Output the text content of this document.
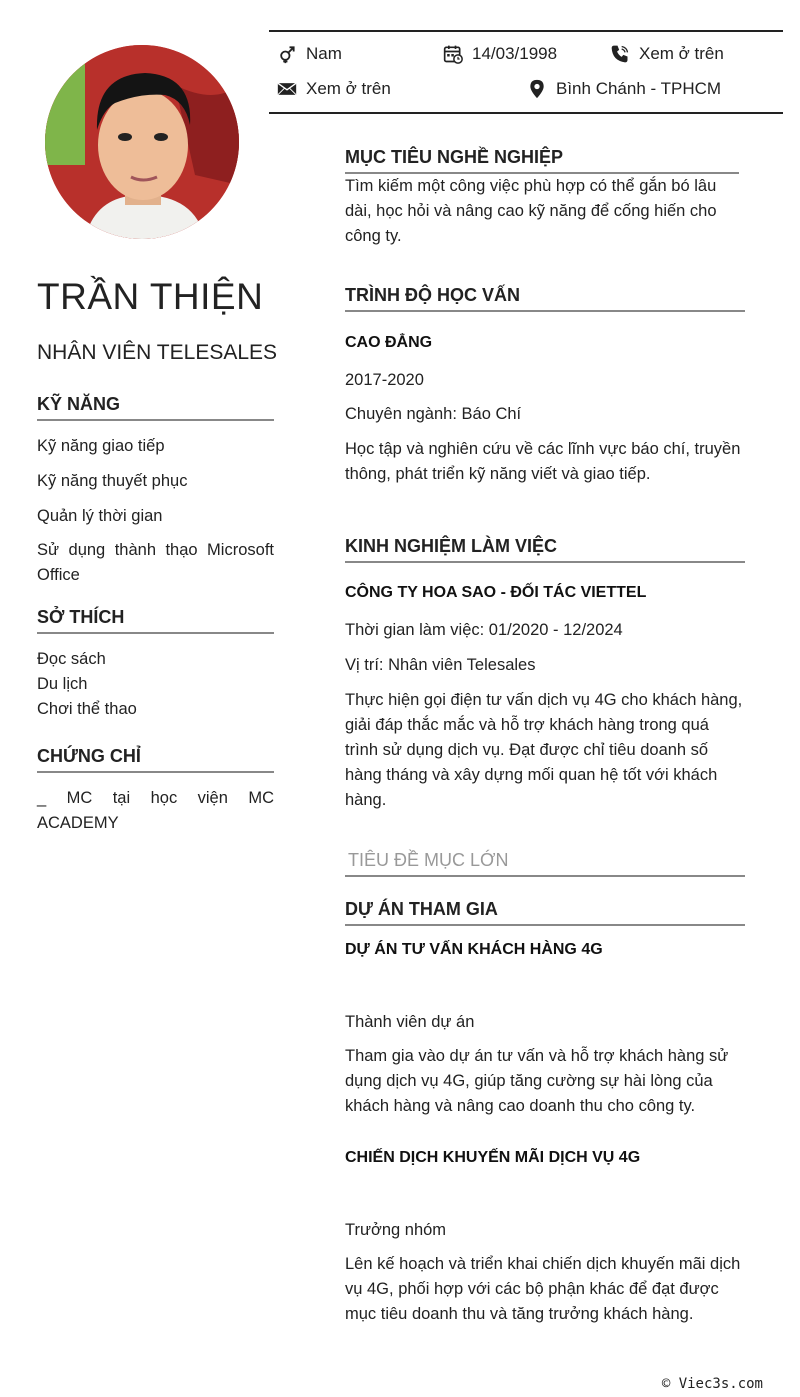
Nam	14/03/1998	Xem ở trên
Xem ở trên	Bình Chánh - TPHCM
TRẦN THIỆN
NHÂN VIÊN TELESALES
KỸ NĂNG
Kỹ năng giao tiếp
Kỹ năng thuyết phục
Quản lý thời gian
Sử dụng thành thạo Microsoft Office
SỞ THÍCH
Đọc sách
Du lịch
Chơi thể thao
CHỨNG CHỈ
_ MC tại học viện MC ACADEMY
MỤC TIÊU NGHỀ NGHIỆP
Tìm kiếm một công việc phù hợp có thể gắn bó lâu dài, học hỏi và nâng cao kỹ năng để cống hiến cho công ty.
TRÌNH ĐỘ HỌC VẤN
CAO ĐẲNG
2017-2020
Chuyên ngành: Báo Chí
Học tập và nghiên cứu về các lĩnh vực báo chí, truyền thông, phát triển kỹ năng viết và giao tiếp.
KINH NGHIỆM LÀM VIỆC
CÔNG TY HOA SAO - ĐỐI TÁC VIETTEL
Thời gian làm việc: 01/2020 - 12/2024
Vị trí: Nhân viên Telesales
Thực hiện gọi điện tư vấn dịch vụ 4G cho khách hàng, giải đáp thắc mắc và hỗ trợ khách hàng trong quá trình sử dụng dịch vụ. Đạt được chỉ tiêu doanh số hàng tháng và xây dựng mối quan hệ tốt với khách hàng.
TIÊU ĐỀ MỤC LỚN
DỰ ÁN THAM GIA
DỰ ÁN TƯ VẤN KHÁCH HÀNG 4G
Thành viên dự án
Tham gia vào dự án tư vấn và hỗ trợ khách hàng sử dụng dịch vụ 4G, giúp tăng cường sự hài lòng của khách hàng và nâng cao doanh thu cho công ty.
CHIẾN DỊCH KHUYẾN MÃI DỊCH VỤ 4G
Trưởng nhóm
Lên kế hoạch và triển khai chiến dịch khuyến mãi dịch vụ 4G, phối hợp với các bộ phận khác để đạt được mục tiêu doanh thu và tăng trưởng khách hàng.
© Viec3s.com
